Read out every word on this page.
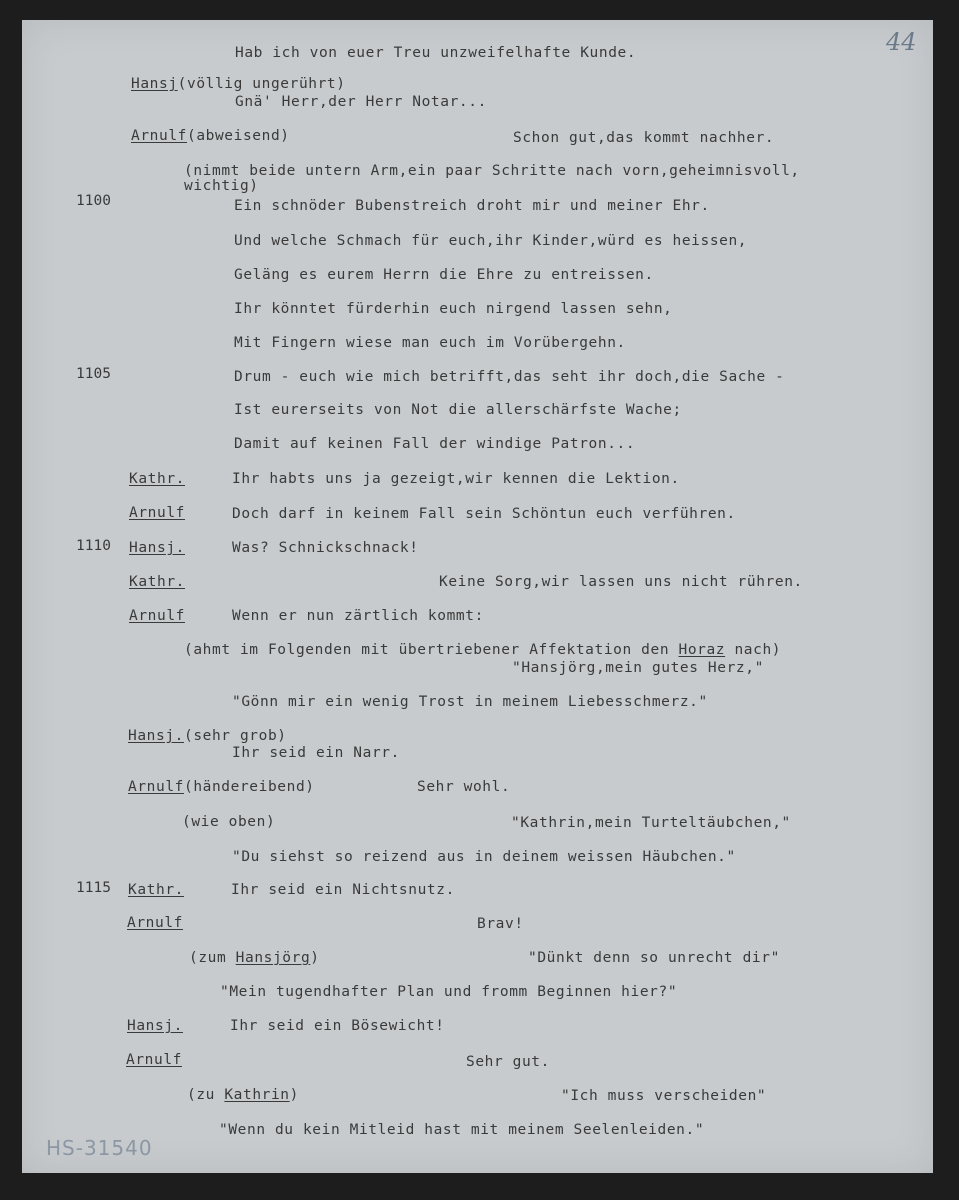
44
1100
1105
1110
1115
Hab ich von euer Treu unzweifelhafte Kunde.
Hansj(völlig ungerührt)
Gnä' Herr,der Herr Notar...
Arnulf(abweisend)	Schon gut,das kommt nachher.
(nimmt beide untern Arm,ein paar Schritte nach vorn,geheimnisvoll,
wichtig)
Ein schnöder Bubenstreich droht mir und meiner Ehr.
Und welche Schmach für euch,ihr Kinder,würd es heissen,
Geläng es eurem Herrn die Ehre zu entreissen.
Ihr könntet fürderhin euch nirgend lassen sehn,
Mit Fingern wiese man euch im Vorübergehn.
Drum - euch wie mich betrifft,das seht ihr doch,die Sache -
Ist eurerseits von Not die allerschärfste Wache;
Damit auf keinen Fall der windige Patron...
Kathr.	Ihr habts uns ja gezeigt,wir kennen die Lektion.
Arnulf	Doch darf in keinem Fall sein Schöntun euch verführen.
Hansj.	Was? Schnickschnack!
Kathr.	Keine Sorg,wir lassen uns nicht rühren.
Arnulf	Wenn er nun zärtlich kommt:
(ahmt im Folgenden mit übertriebener Affektation den Horaz nach)
"Hansjörg,mein gutes Herz,"
"Gönn mir ein wenig Trost in meinem Liebesschmerz."
Hansj.(sehr grob)
Ihr seid ein Narr.
Arnulf(händereibend)	Sehr wohl.
(wie oben)	"Kathrin,mein Turteltäubchen,"
"Du siehst so reizend aus in deinem weissen Häubchen."
Kathr.	Ihr seid ein Nichtsnutz.
Arnulf	Brav!
(zum Hansjörg)	"Dünkt denn so unrecht dir"
"Mein tugendhafter Plan und fromm Beginnen hier?"
Hansj.	Ihr seid ein Bösewicht!
Arnulf	Sehr gut.
(zu Kathrin)	"Ich muss verscheiden"
"Wenn du kein Mitleid hast mit meinem Seelenleiden."
HS-31540
